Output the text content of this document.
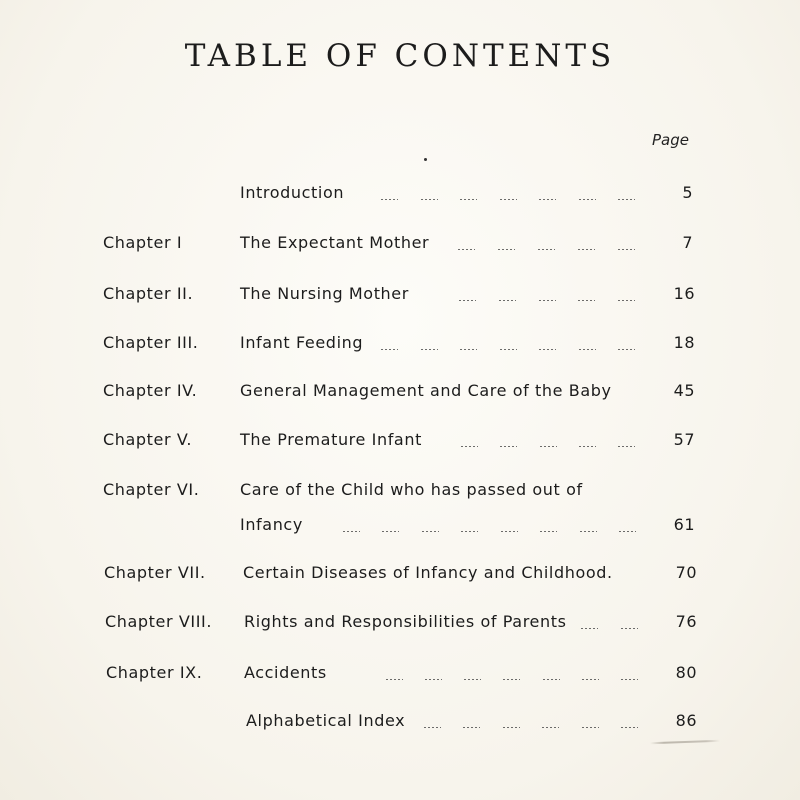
TABLE OF CONTENTS
Page
Introduction	5
Chapter I	The Expectant Mother	7
Chapter II.	The Nursing Mother	16
Chapter III.	Infant Feeding	18
Chapter IV.	General Management and Care of the Baby	45
Chapter V.	The Premature Infant	57
Chapter VI.	Care of the Child who has passed out of
Infancy	61
Chapter VII. Certain Diseases of Infancy and Childhood.	70
Chapter VIII. Rights and Responsibilities of Parents	76
Chapter IX.	Accidents	80
Alphabetical Index	86
